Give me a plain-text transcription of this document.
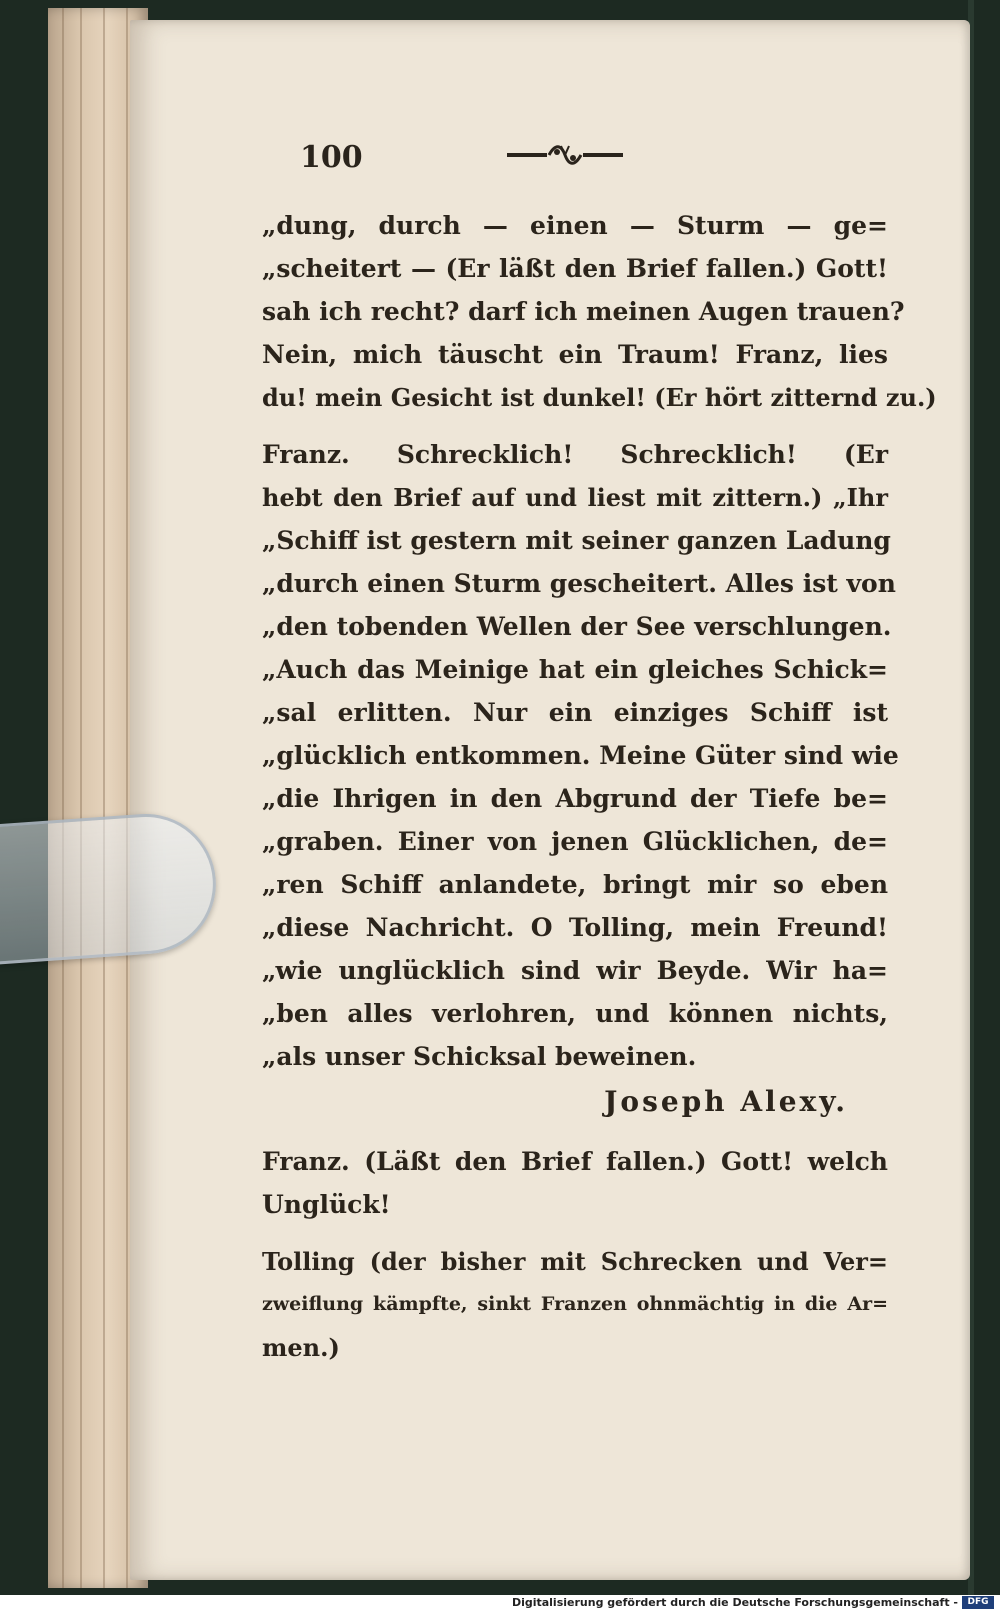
100
„dung, durch — einen — Sturm — ge=
„scheitert — (Er läßt den Brief fallen.) Gott!
sah ich recht? darf ich meinen Augen trauen?
Nein, mich täuscht ein Traum! Franz, lies
du! mein Gesicht ist dunkel! (Er hört zitternd zu.)
Franz. Schrecklich! Schrecklich! (Er
hebt den Brief auf und liest mit zittern.) „Ihr
„Schiff ist gestern mit seiner ganzen Ladung
„durch einen Sturm gescheitert. Alles ist von
„den tobenden Wellen der See verschlungen.
„Auch das Meinige hat ein gleiches Schick=
„sal erlitten. Nur ein einziges Schiff ist
„glücklich entkommen. Meine Güter sind wie
„die Ihrigen in den Abgrund der Tiefe be=
„graben. Einer von jenen Glücklichen, de=
„ren Schiff anlandete, bringt mir so eben
„diese Nachricht. O Tolling, mein Freund!
„wie unglücklich sind wir Beyde. Wir ha=
„ben alles verlohren, und können nichts,
„als unser Schicksal beweinen.
Joseph Alexy.
Franz. (Läßt den Brief fallen.) Gott! welch
Unglück!
Tolling (der bisher mit Schrecken und Ver=
zweiflung kämpfte, sinkt Franzen ohnmächtig in die Ar=
men.)
Digitalisierung gefördert durch die Deutsche Forschungsgemeinschaft -	DFG
